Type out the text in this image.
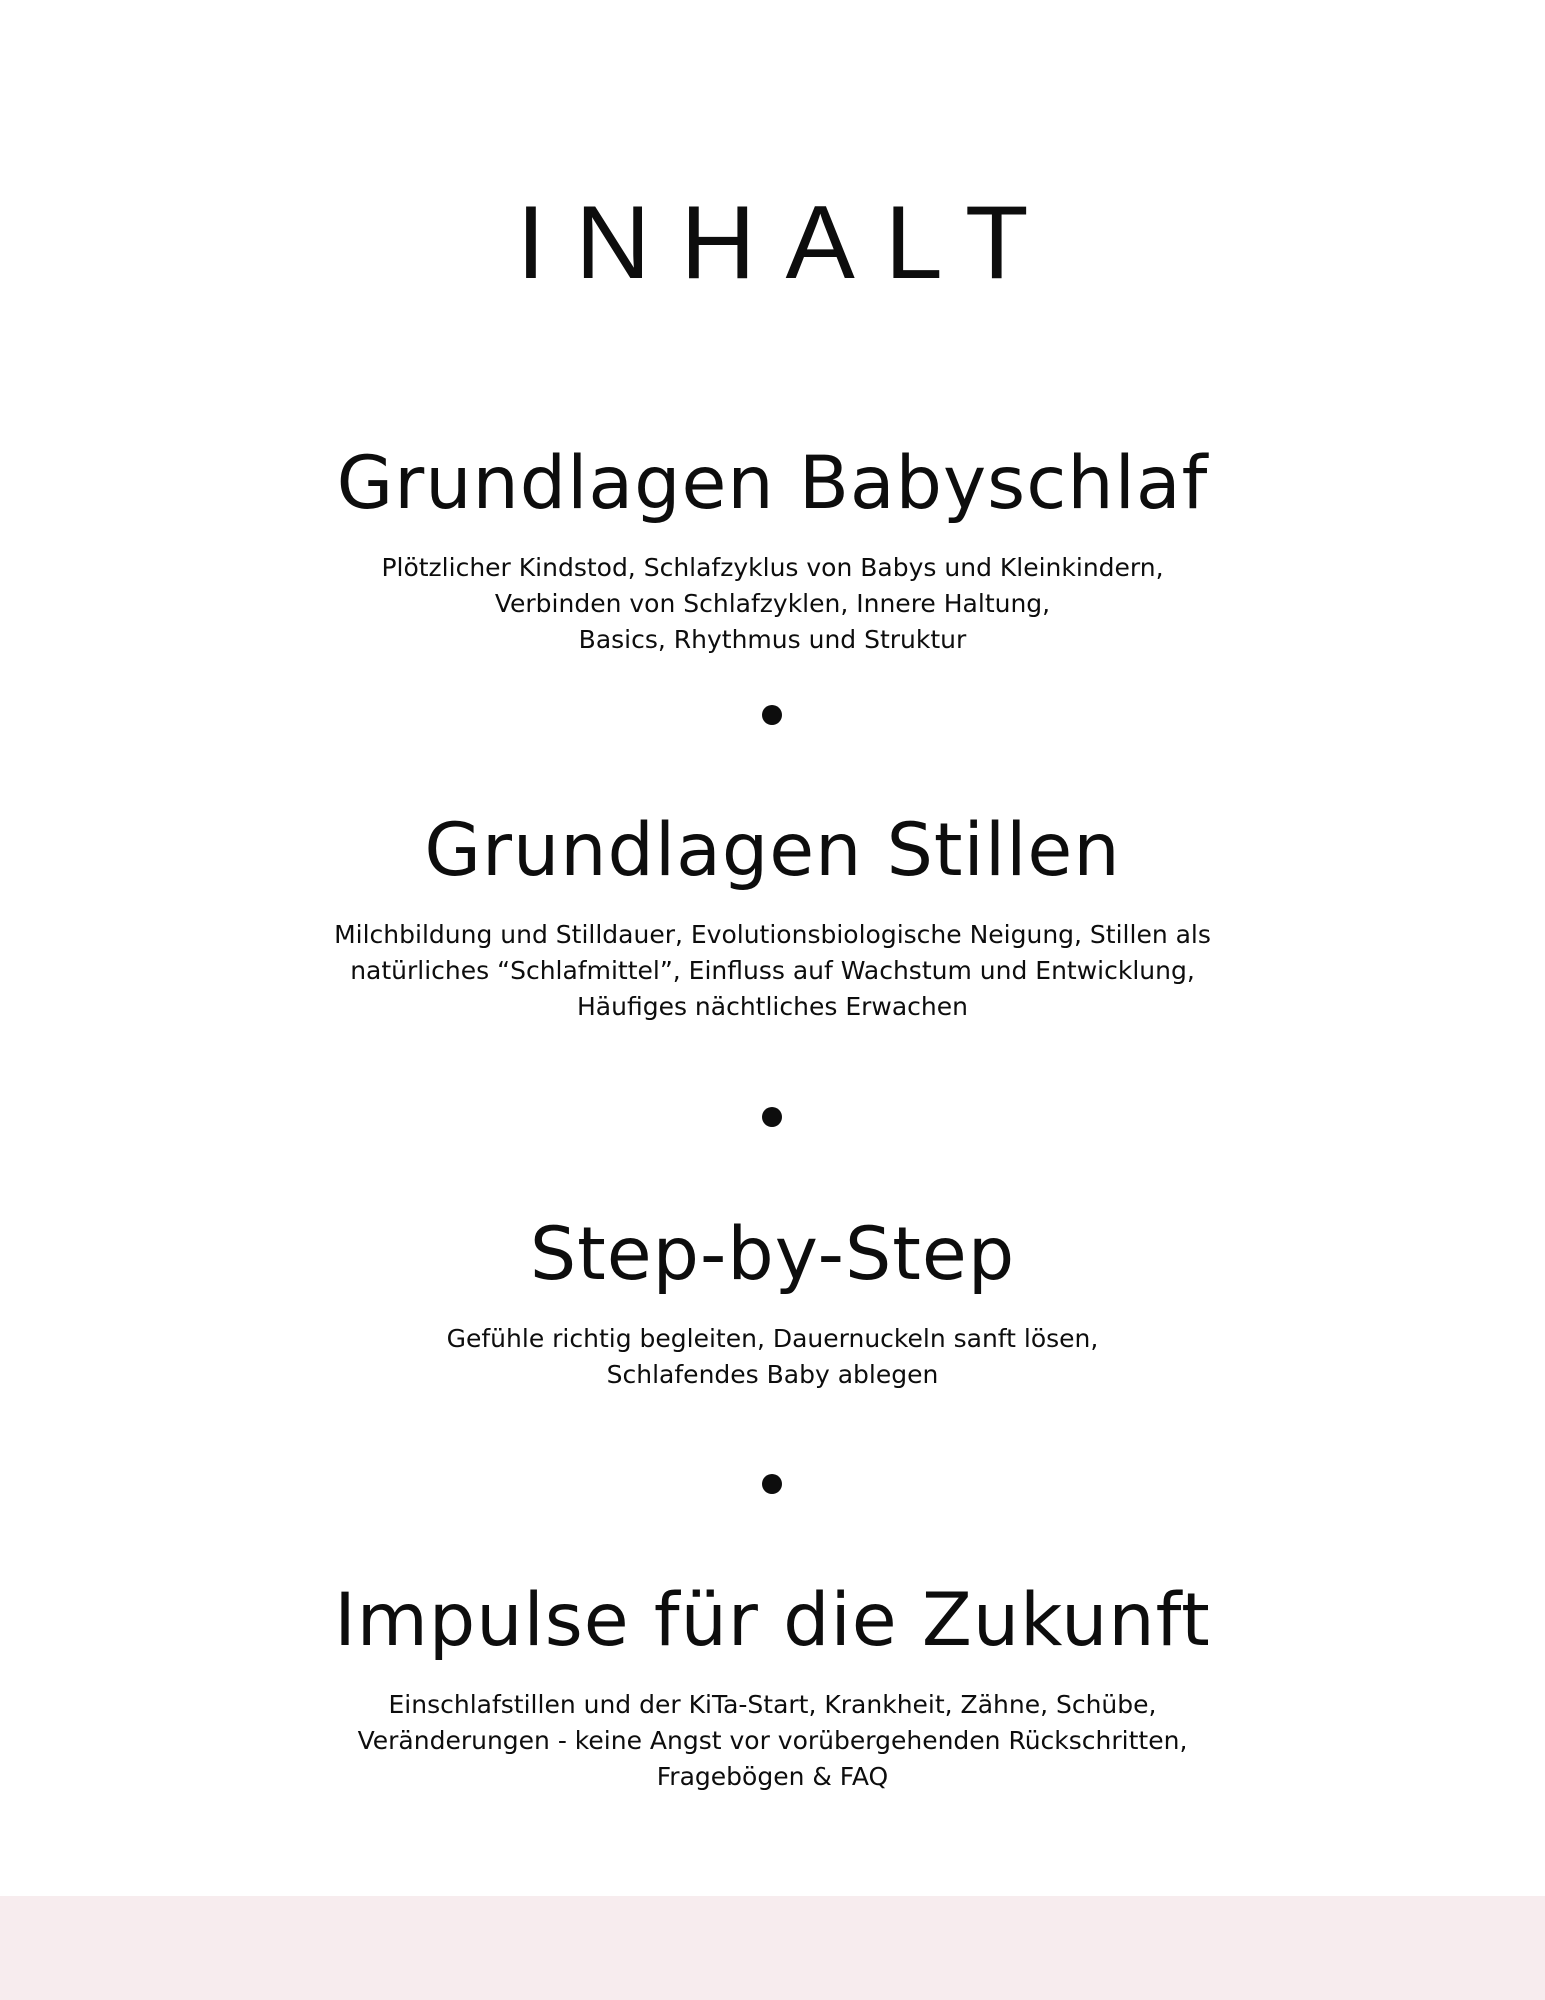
INHALT
Grundlagen Babyschlaf

Plötzlicher Kindstod, Schlafzyklus von Babys und Kleinkindern,
Verbinden von Schlafzyklen, Innere Haltung,
Basics, Rhythmus und Struktur

Grundlagen Stillen

Milchbildung und Stilldauer, Evolutionsbiologische Neigung, Stillen als
natürliches “Schlafmittel”, Einfluss auf Wachstum und Entwicklung,
Häufiges nächtliches Erwachen

Step-by-Step

Gefühle richtig begleiten, Dauernuckeln sanft lösen,
Schlafendes Baby ablegen

Impulse für die Zukunft

Einschlafstillen und der KiTa-Start, Krankheit, Zähne, Schübe,
Veränderungen - keine Angst vor vorübergehenden Rückschritten,
Fragebögen & FAQ
